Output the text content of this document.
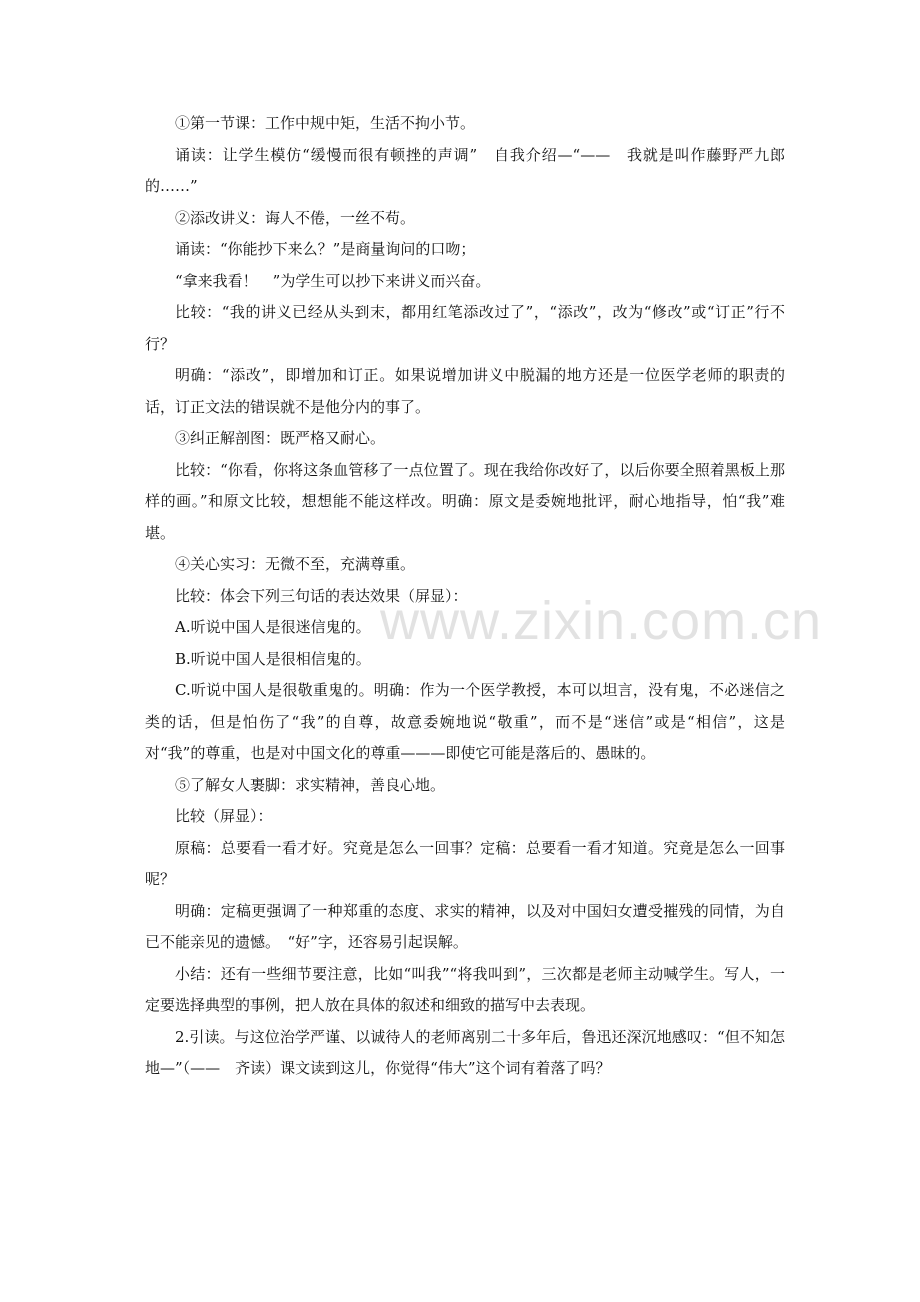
①第一节课：工作中规中矩，生活不拘小节。

诵读：让学生模仿“缓慢而很有顿挫的声调”　自我介绍—“——　我就是叫作藤野严九郎的……”

②添改讲义：诲人不倦，一丝不苟。

诵读：“你能抄下来么？”是商量询问的口吻；

“拿来我看！　”为学生可以抄下来讲义而兴奋。

比较：“我的讲义已经从头到末，都用红笔添改过了”，“添改”，改为“修改”或“订正”行不行？

明确：“添改”，即增加和订正。如果说增加讲义中脱漏的地方还是一位医学老师的职责的话，订正文法的错误就不是他分内的事了。

③纠正解剖图：既严格又耐心。

比较：“你看，你将这条血管移了一点位置了。现在我给你改好了，以后你要全照着黑板上那样的画。”和原文比较，想想能不能这样改。明确：原文是委婉地批评，耐心地指导，怕“我”难堪。

④关心实习：无微不至，充满尊重。

比较：体会下列三句话的表达效果（屏显）：

A.听说中国人是很迷信鬼的。

B.听说中国人是很相信鬼的。

C.听说中国人是很敬重鬼的。明确：作为一个医学教授，本可以坦言，没有鬼，不必迷信之类的话，但是怕伤了“我”的自尊，故意委婉地说“敬重”，而不是“迷信”或是“相信”，这是对“我”的尊重，也是对中国文化的尊重———即使它可能是落后的、愚昧的。

⑤了解女人裹脚：求实精神，善良心地。

比较（屏显）：

原稿：总要看一看才好。究竟是怎么一回事？定稿：总要看一看才知道。究竟是怎么一回事呢？

明确：定稿更强调了一种郑重的态度、求实的精神，以及对中国妇女遭受摧残的同情，为自已不能亲见的遗憾。　“好”字，还容易引起误解。

小结：还有一些细节要注意，比如“叫我”“将我叫到”，三次都是老师主动喊学生。写人，一定要选择典型的事例，把人放在具体的叙述和细致的描写中去表现。

2.引读。与这位治学严谨、以诚待人的老师离别二十多年后，鲁迅还深沉地感叹：“但不知怎地—”（——　齐读）课文读到这儿，你觉得“伟大”这个词有着落了吗？

www.zixin.com.cn
